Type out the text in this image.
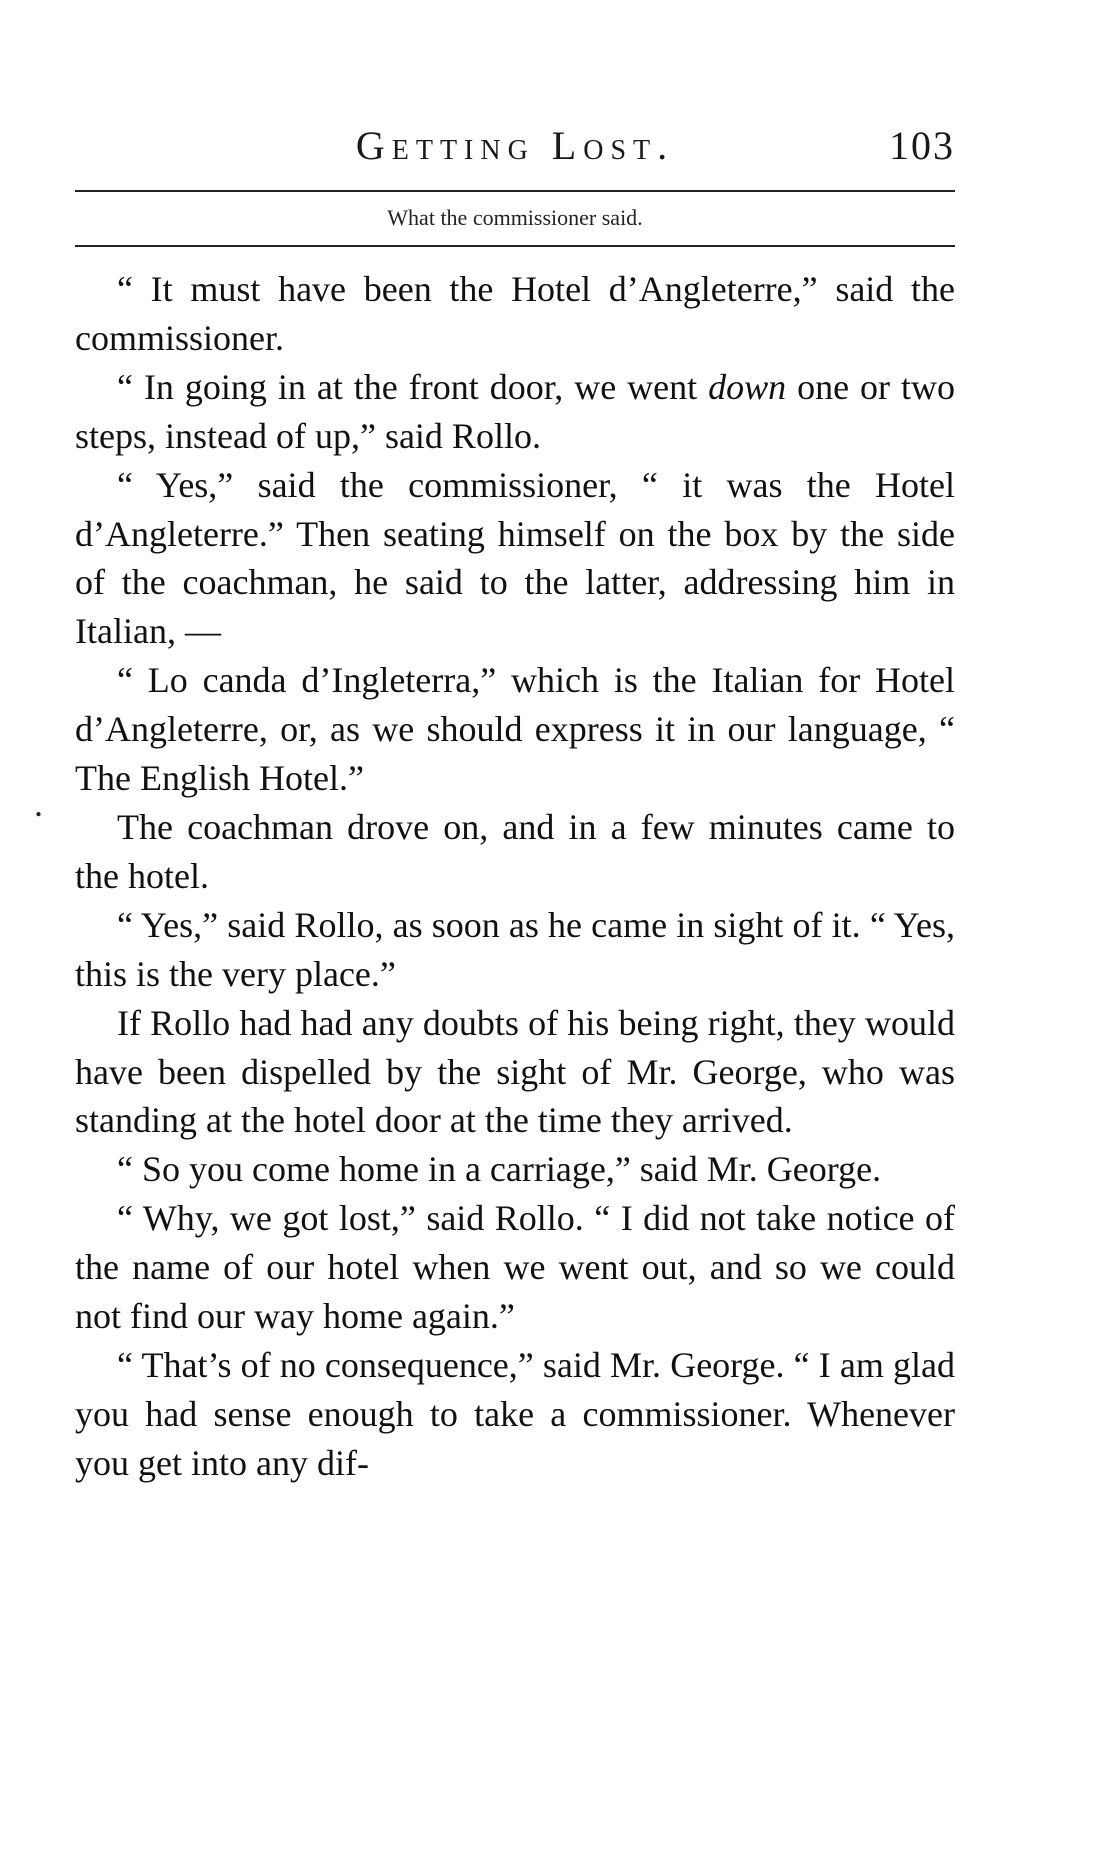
Getting Lost.	103
What the commissioner said.
.

“ It must have been the Hotel d’Angleterre,” said the commissioner.

“ In going in at the front door, we went down one or two steps, instead of up,” said Rollo.

“ Yes,” said the commissioner, “ it was the Hotel d’Angleterre.” Then seating himself on the box by the side of the coachman, he said to the latter, addressing him in Italian, —

“ Lo canda d’Ingleterra,” which is the Italian for Hotel d’Angleterre, or, as we should express it in our language, “ The English Hotel.”

The coachman drove on, and in a few minutes came to the hotel.

“ Yes,” said Rollo, as soon as he came in sight of it. “ Yes, this is the very place.”

If Rollo had had any doubts of his being right, they would have been dispelled by the sight of Mr. George, who was standing at the hotel door at the time they arrived.

“ So you come home in a carriage,” said Mr. George.

“ Why, we got lost,” said Rollo. “ I did not take notice of the name of our hotel when we went out, and so we could not find our way home again.”

“ That’s of no consequence,” said Mr. George. “ I am glad you had sense enough to take a commissioner. Whenever you get into any dif-
